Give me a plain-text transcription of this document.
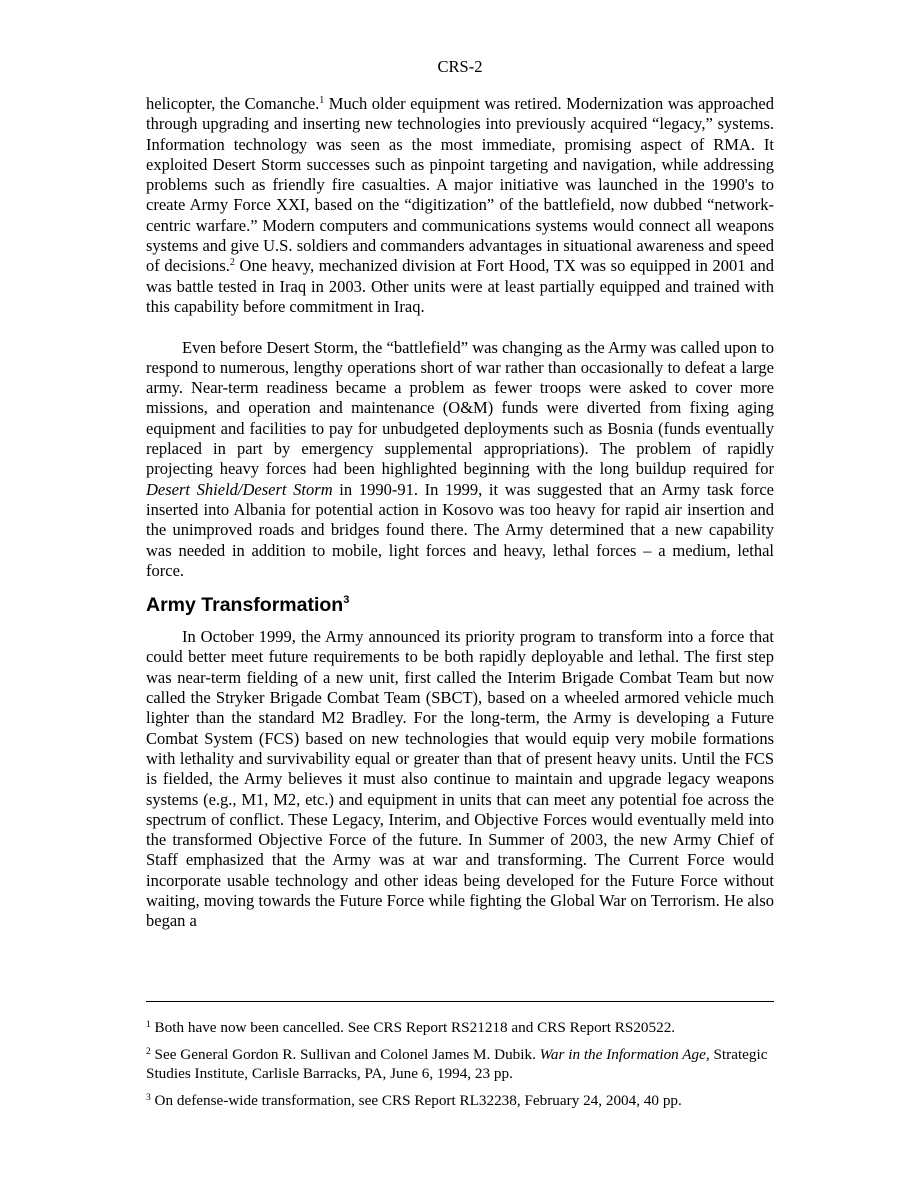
CRS-2

helicopter, the Comanche.$^1$ Much older equipment was retired. Modernization was approached through upgrading and inserting new technologies into previously acquired “legacy,” systems. Information technology was seen as the most immediate, promising aspect of RMA. It exploited Desert Storm successes such as pinpoint targeting and navigation, while addressing problems such as friendly fire casualties. A major initiative was launched in the 1990's to create Army Force XXI, based on the “digitization” of the battlefield, now dubbed “network-centric warfare.” Modern computers and communications systems would connect all weapons systems and give U.S. soldiers and commanders advantages in situational awareness and speed of decisions.$^2$ One heavy, mechanized division at Fort Hood, TX was so equipped in 2001 and was battle tested in Iraq in 2003. Other units were at least partially equipped and trained with this capability before commitment in Iraq.

Even before Desert Storm, the “battlefield” was changing as the Army was called upon to respond to numerous, lengthy operations short of war rather than occasionally to defeat a large army. Near-term readiness became a problem as fewer troops were asked to cover more missions, and operation and maintenance (O&M) funds were diverted from fixing aging equipment and facilities to pay for unbudgeted deployments such as Bosnia (funds eventually replaced in part by emergency supplemental appropriations). The problem of rapidly projecting heavy forces had been highlighted beginning with the long buildup required for Desert Shield/Desert Storm in 1990-91. In 1999, it was suggested that an Army task force inserted into Albania for potential action in Kosovo was too heavy for rapid air insertion and the unimproved roads and bridges found there. The Army determined that a new capability was needed in addition to mobile, light forces and heavy, lethal forces – a medium, lethal force.

Army Transformation$^3$

In October 1999, the Army announced its priority program to transform into a force that could better meet future requirements to be both rapidly deployable and lethal. The first step was near-term fielding of a new unit, first called the Interim Brigade Combat Team but now called the Stryker Brigade Combat Team (SBCT), based on a wheeled armored vehicle much lighter than the standard M2 Bradley. For the long-term, the Army is developing a Future Combat System (FCS) based on new technologies that would equip very mobile formations with lethality and survivability equal or greater than that of present heavy units. Until the FCS is fielded, the Army believes it must also continue to maintain and upgrade legacy weapons systems (e.g., M1, M2, etc.) and equipment in units that can meet any potential foe across the spectrum of conflict. These Legacy, Interim, and Objective Forces would eventually meld into the transformed Objective Force of the future. In Summer of 2003, the new Army Chief of Staff emphasized that the Army was at war and transforming. The Current Force would incorporate usable technology and other ideas being developed for the Future Force without waiting, moving towards the Future Force while fighting the Global War on Terrorism. He also began a

$^1$ Both have now been cancelled. See CRS Report RS21218 and CRS Report RS20522.

$^2$ See General Gordon R. Sullivan and Colonel James M. Dubik. War in the Information Age, Strategic Studies Institute, Carlisle Barracks, PA, June 6, 1994, 23 pp.

$^3$ On defense-wide transformation, see CRS Report RL32238, February 24, 2004, 40 pp.
